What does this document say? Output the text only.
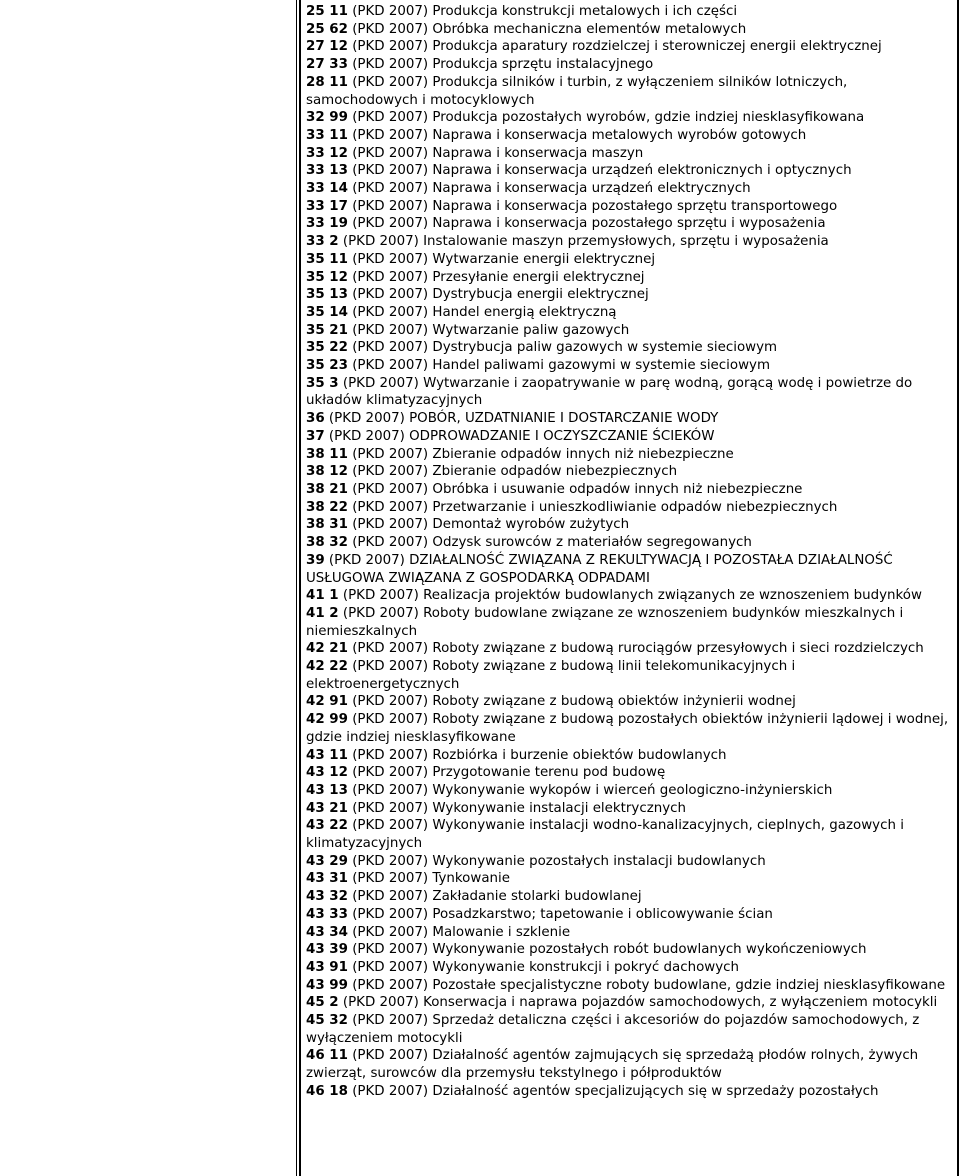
25 11 (PKD 2007) Produkcja konstrukcji metalowych i ich części

25 62 (PKD 2007) Obróbka mechaniczna elementów metalowych

27 12 (PKD 2007) Produkcja aparatury rozdzielczej i sterowniczej energii elektrycznej

27 33 (PKD 2007) Produkcja sprzętu instalacyjnego

28 11 (PKD 2007) Produkcja silników i turbin, z wyłączeniem silników lotniczych, samochodowych i motocyklowych

32 99 (PKD 2007) Produkcja pozostałych wyrobów, gdzie indziej niesklasyfikowana

33 11 (PKD 2007) Naprawa i konserwacja metalowych wyrobów gotowych

33 12 (PKD 2007) Naprawa i konserwacja maszyn

33 13 (PKD 2007) Naprawa i konserwacja urządzeń elektronicznych i optycznych

33 14 (PKD 2007) Naprawa i konserwacja urządzeń elektrycznych

33 17 (PKD 2007) Naprawa i konserwacja pozostałego sprzętu transportowego

33 19 (PKD 2007) Naprawa i konserwacja pozostałego sprzętu i wyposażenia

33 2 (PKD 2007) Instalowanie maszyn przemysłowych, sprzętu i wyposażenia

35 11 (PKD 2007) Wytwarzanie energii elektrycznej

35 12 (PKD 2007) Przesyłanie energii elektrycznej

35 13 (PKD 2007) Dystrybucja energii elektrycznej

35 14 (PKD 2007) Handel energią elektryczną

35 21 (PKD 2007) Wytwarzanie paliw gazowych

35 22 (PKD 2007) Dystrybucja paliw gazowych w systemie sieciowym

35 23 (PKD 2007) Handel paliwami gazowymi w systemie sieciowym

35 3 (PKD 2007) Wytwarzanie i zaopatrywanie w parę wodną, gorącą wodę i powietrze do układów klimatyzacyjnych

36 (PKD 2007) POBÓR, UZDATNIANIE I DOSTARCZANIE WODY

37 (PKD 2007) ODPROWADZANIE I OCZYSZCZANIE ŚCIEKÓW

38 11 (PKD 2007) Zbieranie odpadów innych niż niebezpieczne

38 12 (PKD 2007) Zbieranie odpadów niebezpiecznych

38 21 (PKD 2007) Obróbka i usuwanie odpadów innych niż niebezpieczne

38 22 (PKD 2007) Przetwarzanie i unieszkodliwianie odpadów niebezpiecznych

38 31 (PKD 2007) Demontaż wyrobów zużytych

38 32 (PKD 2007) Odzysk surowców z materiałów segregowanych

39 (PKD 2007) DZIAŁALNOŚĆ ZWIĄZANA Z REKULTYWACJĄ I POZOSTAŁA DZIAŁALNOŚĆ USŁUGOWA ZWIĄZANA Z GOSPODARKĄ ODPADAMI

41 1 (PKD 2007) Realizacja projektów budowlanych związanych ze wznoszeniem budynków

41 2 (PKD 2007) Roboty budowlane związane ze wznoszeniem budynków mieszkalnych i niemieszkalnych

42 21 (PKD 2007) Roboty związane z budową rurociągów przesyłowych i sieci rozdzielczych

42 22 (PKD 2007) Roboty związane z budową linii telekomunikacyjnych i elektroenergetycznych

42 91 (PKD 2007) Roboty związane z budową obiektów inżynierii wodnej

42 99 (PKD 2007) Roboty związane z budową pozostałych obiektów inżynierii lądowej i wodnej, gdzie indziej niesklasyfikowane

43 11 (PKD 2007) Rozbiórka i burzenie obiektów budowlanych

43 12 (PKD 2007) Przygotowanie terenu pod budowę

43 13 (PKD 2007) Wykonywanie wykopów i wierceń geologiczno-inżynierskich

43 21 (PKD 2007) Wykonywanie instalacji elektrycznych

43 22 (PKD 2007) Wykonywanie instalacji wodno-kanalizacyjnych, cieplnych, gazowych i klimatyzacyjnych

43 29 (PKD 2007) Wykonywanie pozostałych instalacji budowlanych

43 31 (PKD 2007) Tynkowanie

43 32 (PKD 2007) Zakładanie stolarki budowlanej

43 33 (PKD 2007) Posadzkarstwo; tapetowanie i oblicowywanie ścian

43 34 (PKD 2007) Malowanie i szklenie

43 39 (PKD 2007) Wykonywanie pozostałych robót budowlanych wykończeniowych

43 91 (PKD 2007) Wykonywanie konstrukcji i pokryć dachowych

43 99 (PKD 2007) Pozostałe specjalistyczne roboty budowlane, gdzie indziej niesklasyfikowane

45 2 (PKD 2007) Konserwacja i naprawa pojazdów samochodowych, z wyłączeniem motocykli

45 32 (PKD 2007) Sprzedaż detaliczna części i akcesoriów do pojazdów samochodowych, z wyłączeniem motocykli

46 11 (PKD 2007) Działalność agentów zajmujących się sprzedażą płodów rolnych, żywych zwierząt, surowców dla przemysłu tekstylnego i półproduktów

46 18 (PKD 2007) Działalność agentów specjalizujących się w sprzedaży pozostałych
